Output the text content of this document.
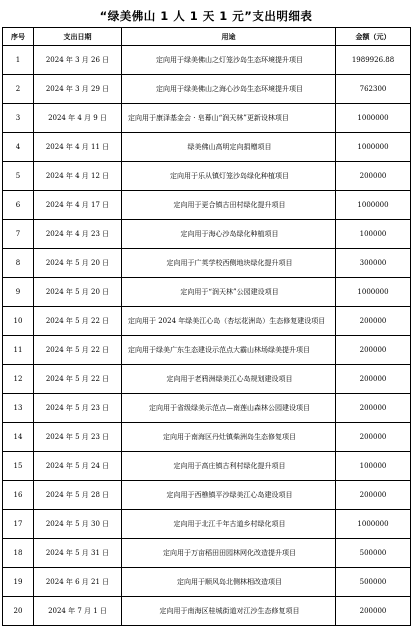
“绿美佛山 1 人 1 天 1 元”支出明细表
序号	支出日期	用途	金额（元）
1	2024 年 3 月 26 日	定向用于绿美佛山之灯笼沙岛生态环境提升项目	1989926.88
2	2024 年 3 月 29 日	定向用于绿美佛山之海心沙岛生态环境提升项目	762300
3	2024 年 4 月 9 日	定向用于康泽基金会 · 皂幕山“润天林”更新设林项目	1000000
4	2024 年 4 月 11 日	绿美佛山高明定向捐赠项目	1000000
5	2024 年 4 月 12 日	定向用于乐从镇灯笼沙岛绿化种植项目	200000
6	2024 年 4 月 17 日	定向用于更合镇古田村绿化提升项目	1000000
7	2024 年 4 月 23 日	定向用于海心沙岛绿化种植项目	100000
8	2024 年 5 月 20 日	定向用于广英学校西侧地块绿化提升项目	300000
9	2024 年 5 月 20 日	定向用于“润天林”公园建设项目	1000000
10	2024 年 5 月 22 日	定向用于 2024 年绿美江心岛（杏坛花洲岛）生态修复建设项目	200000
11	2024 年 5 月 22 日	定向用于绿美广东生态建设示范点大霸山林场绿美提升项目	200000
12	2024 年 5 月 22 日	定向用于老鸦洲绿美江心岛规划建设项目	200000
13	2024 年 5 月 23 日	定向用于省级绿美示范点—南莲山森林公园建设项目	200000
14	2024 年 5 月 23 日	定向用于南海区丹灶镇柴洲岛生态修复项目	200000
15	2024 年 5 月 24 日	定向用于高庄镇古利村绿化提升项目	100000
16	2024 年 5 月 28 日	定向用于西樵镇平沙绿美江心岛建设项目	200000
17	2024 年 5 月 30 日	定向用于北江千年古道乡村绿化项目	1000000
18	2024 年 5 月 31 日	定向用于万亩稻田田园林网化改造提升项目	500000
19	2024 年 6 月 21 日	定向用于顺风岛北侧林相改造项目	500000
20	2024 年 7 月 1 日	定向用于南海区桂城街道对江沙生态修复项目	200000
